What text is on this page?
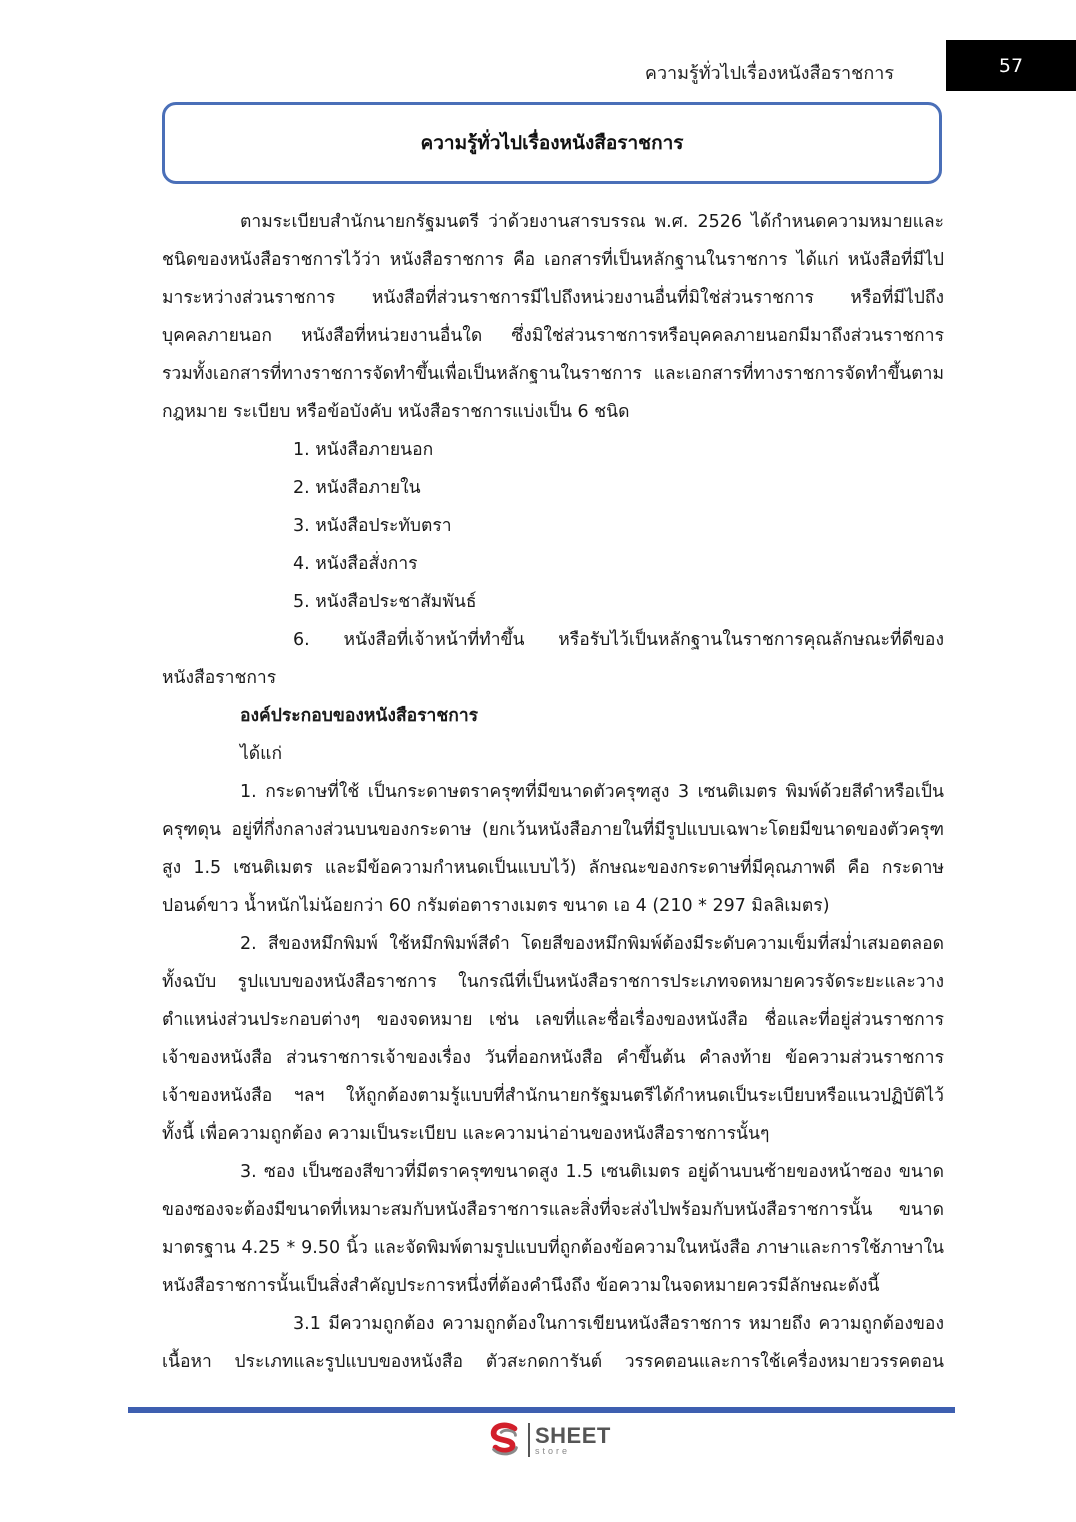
ความรู้ทั่วไปเรื่องหนังสือราชการ	57
ความรู้ทั่วไปเรื่องหนังสือราชการ

ตามระเบียบสำนักนายกรัฐมนตรี ว่าด้วยงานสารบรรณ พ.ศ. 2526 ได้กำหนดความหมายและ

ชนิดของหนังสือราชการไว้ว่า หนังสือราชการ คือ เอกสารที่เป็นหลักฐานในราชการ ได้แก่ หนังสือที่มีไป

มาระหว่างส่วนราชการ หนังสือที่ส่วนราชการมีไปถึงหน่วยงานอื่นที่มิใช่ส่วนราชการ หรือที่มีไปถึง

บุคคลภายนอก หนังสือที่หน่วยงานอื่นใด ซึ่งมิใช่ส่วนราชการหรือบุคคลภายนอกมีมาถึงส่วนราชการ

รวมทั้งเอกสารที่ทางราชการจัดทำขึ้นเพื่อเป็นหลักฐานในราชการ และเอกสารที่ทางราชการจัดทำขึ้นตาม

กฎหมาย ระเบียบ หรือข้อบังคับ หนังสือราชการแบ่งเป็น 6 ชนิด

1. หนังสือภายนอก

2. หนังสือภายใน

3. หนังสือประทับตรา

4. หนังสือสั่งการ

5. หนังสือประชาสัมพันธ์

6. หนังสือที่เจ้าหน้าที่ทำขึ้น หรือรับไว้เป็นหลักฐานในราชการคุณลักษณะที่ดีของ

หนังสือราชการ

องค์ประกอบของหนังสือราชการ

ได้แก่

1. กระดาษที่ใช้ เป็นกระดาษตราครุฑที่มีขนาดตัวครุฑสูง 3 เซนติเมตร พิมพ์ด้วยสีดำหรือเป็น

ครุฑดุน อยู่ที่กึ่งกลางส่วนบนของกระดาษ (ยกเว้นหนังสือภายในที่มีรูปแบบเฉพาะโดยมีขนาดของตัวครุฑ

สูง 1.5 เซนติเมตร และมีข้อความกำหนดเป็นแบบไว้) ลักษณะของกระดาษที่มีคุณภาพดี คือ กระดาษ

ปอนด์ขาว น้ำหนักไม่น้อยกว่า 60 กรัมต่อตารางเมตร ขนาด เอ 4 (210 * 297 มิลลิเมตร)

2. สีของหมึกพิมพ์ ใช้หมึกพิมพ์สีดำ โดยสีของหมึกพิมพ์ต้องมีระดับความเข็มที่สม่ำเสมอตลอด

ทั้งฉบับ รูปแบบของหนังสือราชการ ในกรณีที่เป็นหนังสือราชการประเภทจดหมายควรจัดระยะและวาง

ตำแหน่งส่วนประกอบต่างๆ ของจดหมาย เช่น เลขที่และชื่อเรื่องของหนังสือ ชื่อและที่อยู่ส่วนราชการ

เจ้าของหนังสือ ส่วนราชการเจ้าของเรื่อง วันที่ออกหนังสือ คำขึ้นต้น คำลงท้าย ข้อความส่วนราชการ

เจ้าของหนังสือ ฯลฯ ให้ถูกต้องตามรู้แบบที่สำนักนายกรัฐมนตรีได้กำหนดเป็นระเบียบหรือแนวปฏิบัติไว้

ทั้งนี้ เพื่อความถูกต้อง ความเป็นระเบียบ และความน่าอ่านของหนังสือราชการนั้นๆ

3. ซอง เป็นซองสีขาวที่มีตราครุฑขนาดสูง 1.5 เซนติเมตร อยู่ด้านบนซ้ายของหน้าซอง ขนาด

ของซองจะต้องมีขนาดที่เหมาะสมกับหนังสือราชการและสิ่งที่จะส่งไปพร้อมกับหนังสือราชการนั้น ขนาด

มาตรฐาน 4.25 * 9.50 นิ้ว และจัดพิมพ์ตามรูปแบบที่ถูกต้องข้อความในหนังสือ ภาษาและการใช้ภาษาใน

หนังสือราชการนั้นเป็นสิ่งสำคัญประการหนึ่งที่ต้องคำนึงถึง ข้อความในจดหมายควรมีลักษณะดังนี้

3.1 มีความถูกต้อง ความถูกต้องในการเขียนหนังสือราชการ หมายถึง ความถูกต้องของ

เนื้อหา ประเภทและรูปแบบของหนังสือ ตัวสะกดการันต์ วรรคตอนและการใช้เครื่องหมายวรรคตอน

SHEET
store
